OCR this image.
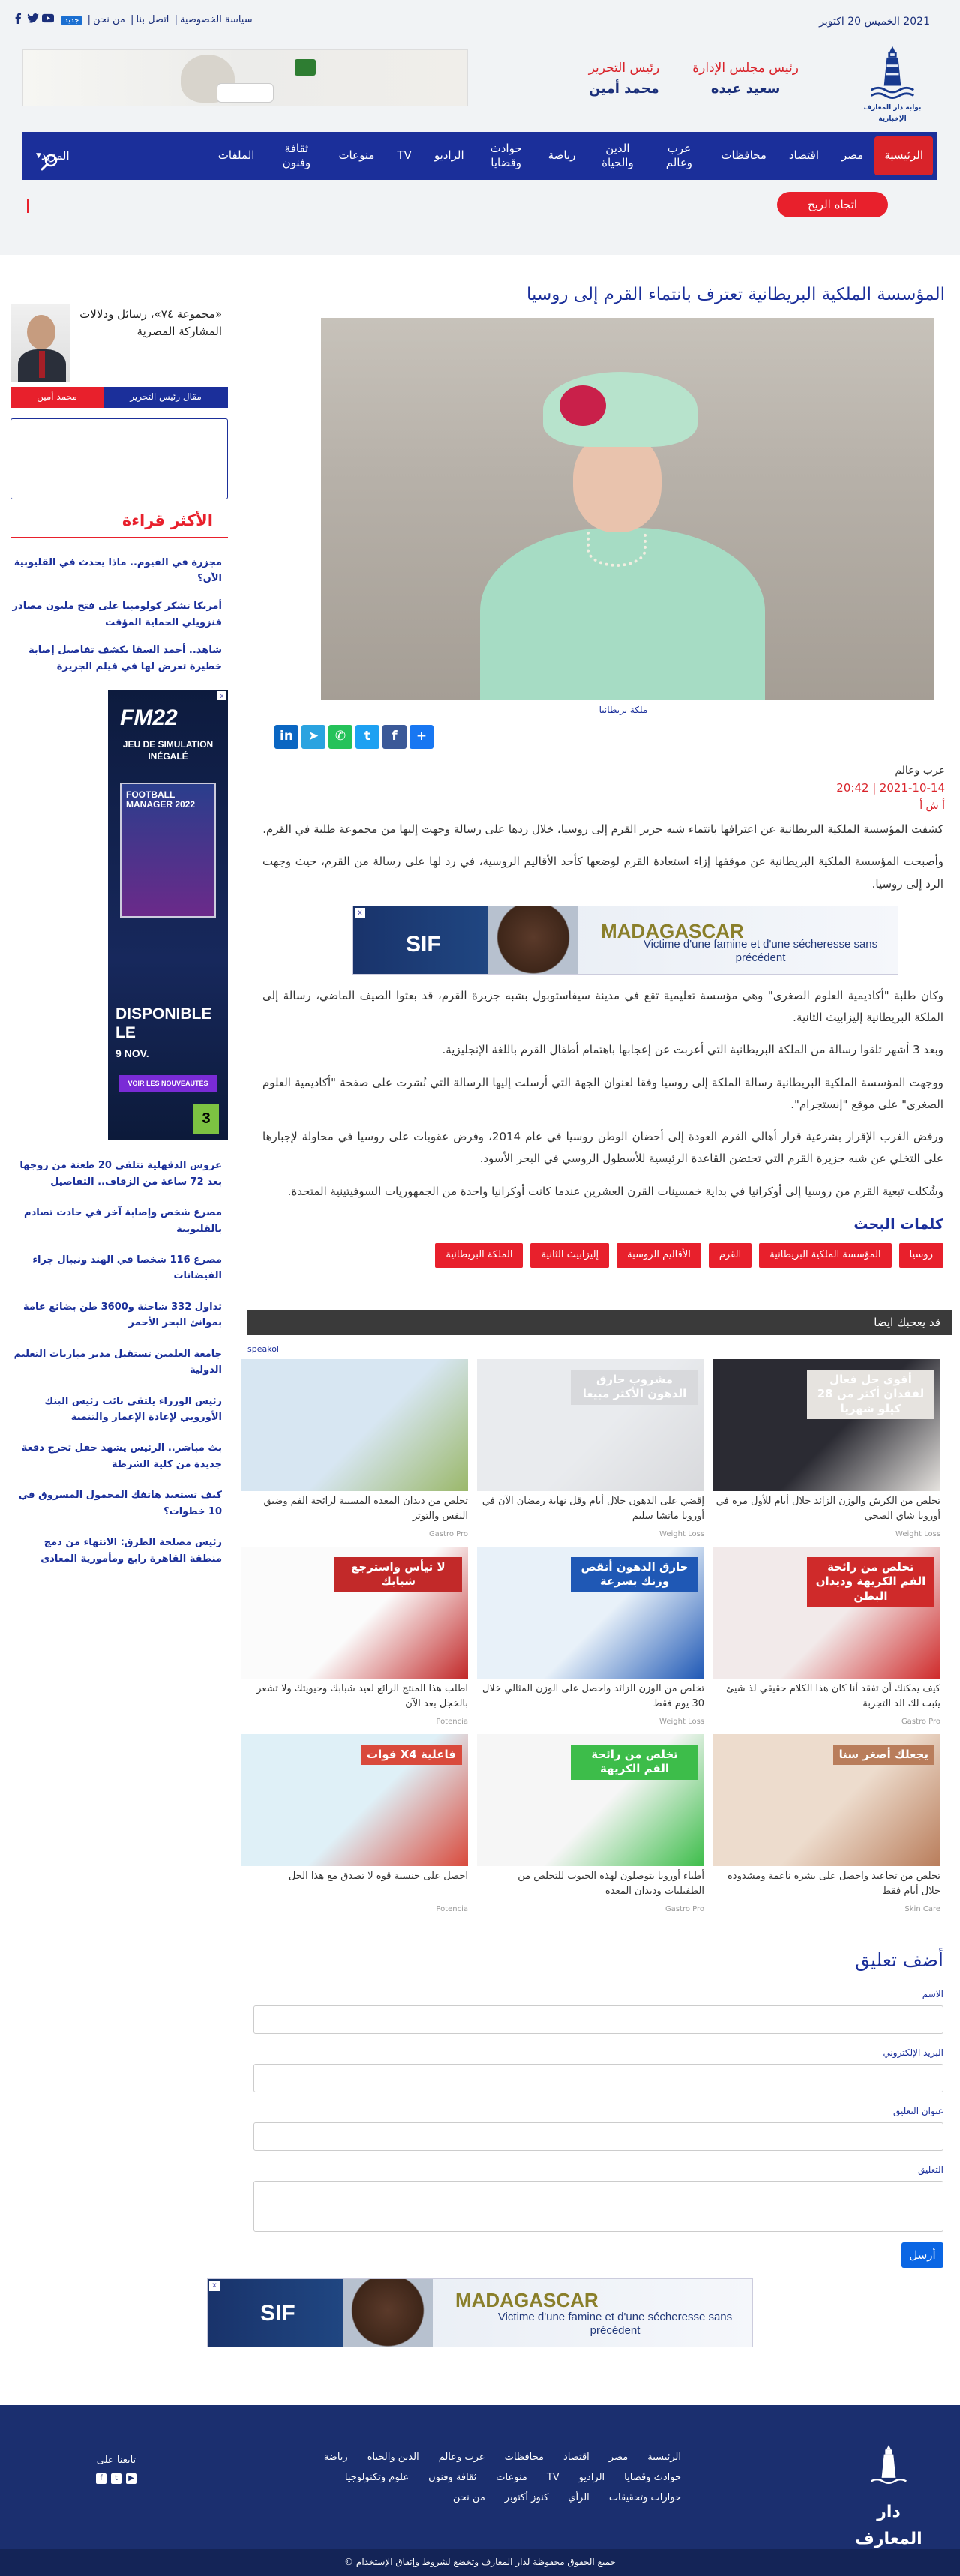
2021 الخميس 20 اكتوبر
سياسة الخصوصية| اتصل بنا| من نحن| جديد
بوابة دار المعارف الإخبارية
رئيس مجلس الإدارة
سعيد عبده
رئيس التحرير
محمد أمين
الرئيسية
مصر
اقتصاد
محافظات
عرب وعالم
الدين والحياة
رياضة
حوادث وقضايا
الراديو
TV
منوعات
ثقافة وفنون
الملفات
المزيد
▼
اتجاه الريح
المؤسسة الملكية البريطانية تعترف بانتماء القرم إلى روسيا
ملكة بريطانيا
in	➤	✆	t	f	+
عرب وعالم
2021-10-14 | 20:42
أ ش أ

كشفت المؤسسة الملكية البريطانية عن اعترافها بانتماء شبه جزير القرم إلى روسيا، خلال ردها على رسالة وجهت إليها من مجموعة طلبة في القرم.

وأصبحت المؤسسة الملكية البريطانية عن موقفها إزاء استعادة القرم لوضعها كأحد الأقاليم الروسية، في رد لها على رسالة من القرم، حيث وجهت الرد إلى روسيا.

x
SIF
MADAGASCAR
Victime d'une famine et d'une sécheresse sans précédent

وكان طلبة "أكاديمية العلوم الصغرى" وهي مؤسسة تعليمية تقع في مدينة سيفاستوبول بشبه جزيرة القرم، قد بعثوا الصيف الماضي، رسالة إلى الملكة البريطانية إليزابيث الثانية.

وبعد 3 أشهر تلقوا رسالة من الملكة البريطانية التي أعربت عن إعجابها باهتمام أطفال القرم باللغة الإنجليزية.

ووجهت المؤسسة الملكية البريطانية رسالة الملكة إلى روسيا وفقا لعنوان الجهة التي أرسلت إليها الرسالة التي نُشرت على صفحة "أكاديمية العلوم الصغرى" على موقع "إنستجرام".

ورفض الغرب الإقرار بشرعية قرار أهالي القرم العودة إلى أحضان الوطن روسيا في عام 2014، وفرض عقوبات على روسيا في محاولة لإجبارها على التخلي عن شبه جزيرة القرم التي تحتضن القاعدة الرئيسية للأسطول الروسي في البحر الأسود.

وشُكلت تبعية القرم من روسيا إلى أوكرانيا في بداية خمسينات القرن العشرين عندما كانت أوكرانيا واحدة من الجمهوريات السوفيتينية المتحدة.

كلمات البحث
روسيا
المؤسسة الملكية البريطانية
القرم
الأقاليم الروسية
إليزابيث الثانية
الملكة البريطانية
قد يعجبك ايضا
speakol
أقوى حل فعال لفقدان أكثر من 28 كيلو شهريا
تخلص من الكرش والوزن الزائد خلال أيام للأول مرة في أوروبا شاي الصحي
Weight Loss
مشروب حارق الدهون الأكثر مبيعا
إقضي على الدهون خلال أيام وقل نهاية رمضان الآن في أوروبا ماتشا سليم
Weight Loss
تخلص من ديدان المعدة المسببة لرائحة الفم وضيق النفس والتوتر
Gastro Pro
تخلص من رائحة الفم الكريهة وديدان البطن
كيف يمكنك أن تفقد أنا كان هذا الكلام حقيقي لذ شيئ يثبت لك الد التجربة
Gastro Pro
حارق الدهون أنقص وزنك بسرعة
تخلص من الوزن الزائد واحصل على الوزن المثالي خلال 30 يوم فقط
Weight Loss
لا تيأس واسترجع شبابك
اطلب هذا المنتج الرائع لعيد شبابك وحيويتك ولا تشعر بالخجل بعد الآن
Potencia
يجعلك أصغر سنا
تخلص من تجاعيد واحصل على بشرة ناعمة ومشدودة خلال أيام فقط
Skin Care
تخلص من رائحة الفم الكريهة
أطباء أوروبا يتوصلون لهذه الحبوب للتخلص من الطفيليات وديدان المعدة
Gastro Pro
فاعلية X4 قوات
احصل على جنسية قوة لا تصدق مع هذا الحل
Potencia
أضف تعليق
الاسم
البريد الإلكتروني
عنوان التعليق
التعليق
أرسل
x
SIF
MADAGASCAR
Victime d'une famine et d'une sécheresse sans précédent
«مجموعة ٧٤»، رسائل ودلالات المشاركة المصرية
مقال رئيس التحرير
محمد أمين
الأكثر قراءة
مجزرة في الفيوم.. ماذا يحدث في القليوبية الآن؟
أمريكا تشكر كولومبيا على فتح مليون مصادر فنزويلي الحماية المؤقت
شاهد.. أحمد السقا يكشف تفاصيل إصابة خطيرة تعرض لها في فيلم الجزيرة
x
FM22
JEU DE SIMULATION INÉGALÉ
FOOTBALL MANAGER 2022
DISPONIBLE LE
9 NOV.
VOIR LES NOUVEAUTÉS
3
عروس الدقهلية تتلقى 20 طعنة من زوجها بعد 72 ساعة من الزفاف.. التفاصيل
مصرع شخص وإصابة آخر في حادث تصادم بالقليوبية
مصرع 116 شخصا في الهند ونيبال جراء الفيضانات
تداول 332 شاحنة و3600 طن بضائع عامة بموانئ البحر الأحمر
جامعة العلمين تستقبل مدير مباريات التعليم الدولية
رئيس الوزراء يلتقي نائب رئيس البنك الأوروبي لإعادة الإعمار والتنمية
بث مباشر.. الرئيس يشهد حفل تخرج دفعة جديدة من كلية الشرطة
كيف تستعيد هاتفك المحمول المسروق في 10 خطوات؟
رئيس مصلحة الطرق: الانتهاء من دمج منطقة القاهرة رابع ومأمورية المعادى
دار المعارف
الرئيسية
مصر
اقتصاد
محافظات
عرب وعالم
الدين والحياة
رياضة
حوادث وقضايا
الراديو
TV
منوعات
ثقافة وفنون
علوم وتكنولوجيا
حوارات وتحقيقات
الرأي
كنوز أكتوبر
من نحن
تابعنا على
f	t	▶
جميع الحقوق محفوظة لدار المعارف وتخضع لشروط وإتفاق الإستخدام ©
